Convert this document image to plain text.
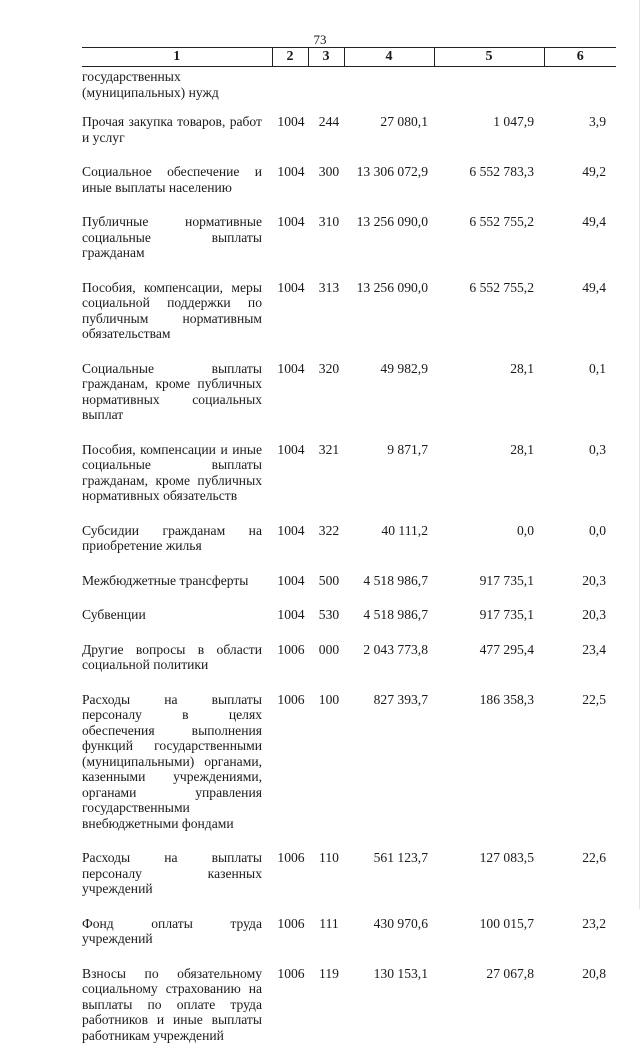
73
1	2	3	4	5	6
государственных (муниципальных) нужд					
Прочая закупка товаров, работ и услуг	1004	244	27 080,1	1 047,9	3,9
Социальное обеспечение и иные выплаты населению	1004	300	13 306 072,9	6 552 783,3	49,2
Публичные нормативные социальные выплаты гражданам	1004	310	13 256 090,0	6 552 755,2	49,4
Пособия, компенсации, меры социальной поддержки по публичным нормативным обязательствам	1004	313	13 256 090,0	6 552 755,2	49,4
Социальные выплаты гражданам, кроме публичных нормативных социальных выплат	1004	320	49 982,9	28,1	0,1
Пособия, компенсации и иные социальные выплаты гражданам, кроме публичных нормативных обязательств	1004	321	9 871,7	28,1	0,3
Субсидии гражданам на приобретение жилья	1004	322	40 111,2	0,0	0,0
Межбюджетные трансферты	1004	500	4 518 986,7	917 735,1	20,3
Субвенции	1004	530	4 518 986,7	917 735,1	20,3
Другие вопросы в области социальной политики	1006	000	2 043 773,8	477 295,4	23,4
Расходы на выплаты персоналу в целях обеспечения выполнения функций государственными (муниципальными) органами, казенными учреждениями, органами управления государственными внебюджетными фондами	1006	100	827 393,7	186 358,3	22,5
Расходы на выплаты персоналу казенных учреждений	1006	110	561 123,7	127 083,5	22,6
Фонд оплаты труда учреждений	1006	111	430 970,6	100 015,7	23,2
Взносы по обязательному социальному страхованию на выплаты по оплате труда работников и иные выплаты работникам учреждений	1006	119	130 153,1	27 067,8	20,8
